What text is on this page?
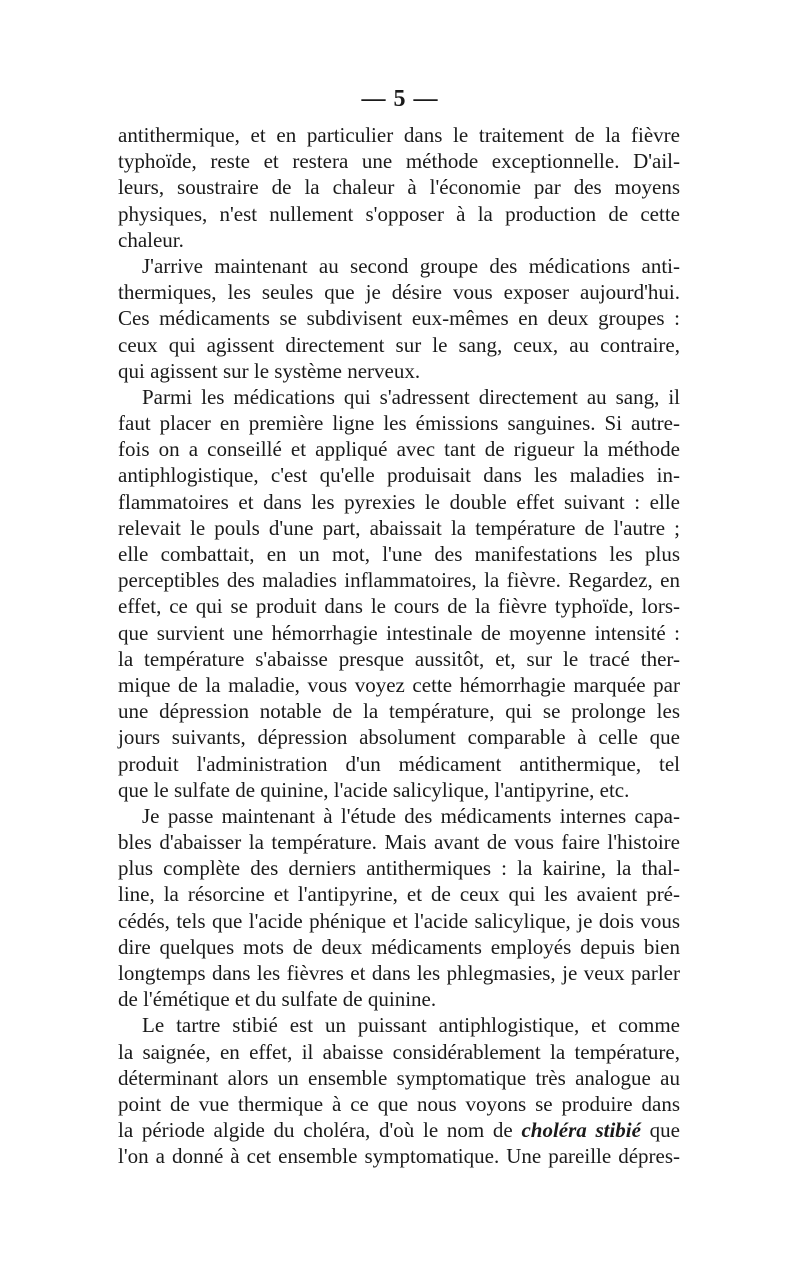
— 5 —
antithermique, et en particulier dans le traitement de la fièvre
typhoïde, reste et restera une méthode exceptionnelle. D'ail-
leurs, soustraire de la chaleur à l'économie par des moyens
physiques, n'est nullement s'opposer à la production de cette
chaleur.
J'arrive maintenant au second groupe des médications anti-
thermiques, les seules que je désire vous exposer aujourd'hui.
Ces médicaments se subdivisent eux-mêmes en deux groupes :
ceux qui agissent directement sur le sang, ceux, au contraire,
qui agissent sur le système nerveux.
Parmi les médications qui s'adressent directement au sang, il
faut placer en première ligne les émissions sanguines. Si autre-
fois on a conseillé et appliqué avec tant de rigueur la méthode
antiphlogistique, c'est qu'elle produisait dans les maladies in-
flammatoires et dans les pyrexies le double effet suivant : elle
relevait le pouls d'une part, abaissait la température de l'autre ;
elle combattait, en un mot, l'une des manifestations les plus
perceptibles des maladies inflammatoires, la fièvre. Regardez, en
effet, ce qui se produit dans le cours de la fièvre typhoïde, lors-
que survient une hémorrhagie intestinale de moyenne intensité :
la température s'abaisse presque aussitôt, et, sur le tracé ther-
mique de la maladie, vous voyez cette hémorrhagie marquée par
une dépression notable de la température, qui se prolonge les
jours suivants, dépression absolument comparable à celle que
produit l'administration d'un médicament antithermique, tel
que le sulfate de quinine, l'acide salicylique, l'antipyrine, etc.
Je passe maintenant à l'étude des médicaments internes capa-
bles d'abaisser la température. Mais avant de vous faire l'histoire
plus complète des derniers antithermiques : la kairine, la thal-
line, la résorcine et l'antipyrine, et de ceux qui les avaient pré-
cédés, tels que l'acide phénique et l'acide salicylique, je dois vous
dire quelques mots de deux médicaments employés depuis bien
longtemps dans les fièvres et dans les phlegmasies, je veux parler
de l'émétique et du sulfate de quinine.
Le tartre stibié est un puissant antiphlogistique, et comme
la saignée, en effet, il abaisse considérablement la température,
déterminant alors un ensemble symptomatique très analogue au
point de vue thermique à ce que nous voyons se produire dans
la période algide du choléra, d'où le nom de choléra stibié que
l'on a donné à cet ensemble symptomatique. Une pareille dépres-
